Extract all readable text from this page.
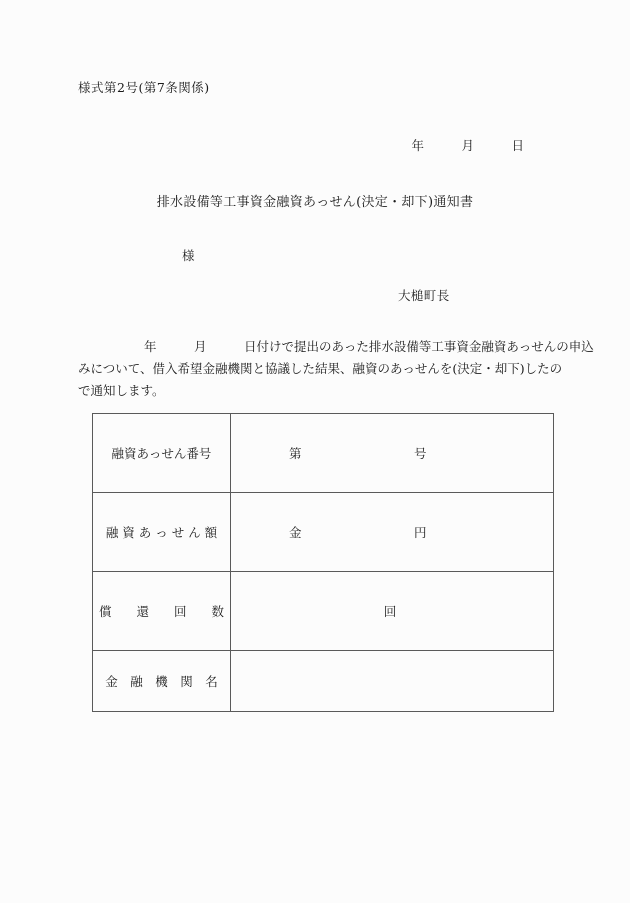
様式第2号(第7条関係)
年　　　月　　　日
排水設備等工事資金融資あっせん(決定・却下)通知書
様
大槌町長
年　　　月　　　日付けで提出のあった排水設備等工事資金融資あっせんの申込
みについて、借入希望金融機関と協議した結果、融資のあっせんを(決定・却下)したの
で通知します。
融資あっせん番号	第　　　　　　　　　号

融 資 あ っ せ ん 額	金　　　　　　　　　円

償　　還　　回　　数	回

金　融　機　関　名	
